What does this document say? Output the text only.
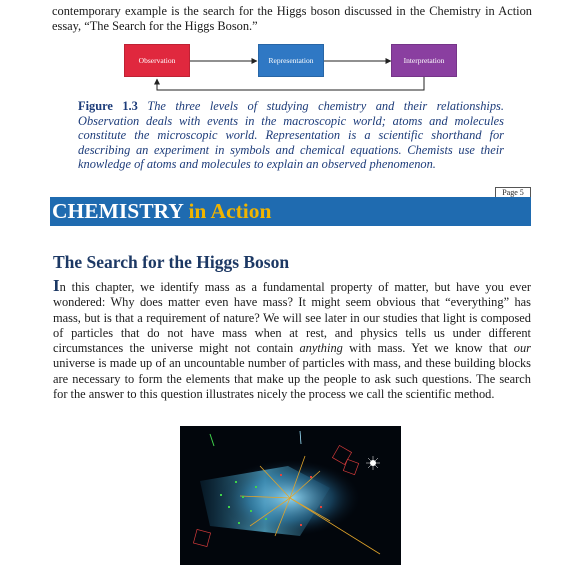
contemporary example is the search for the Higgs boson discussed in the Chemistry in Action essay, “The Search for the Higgs Boson.”
Observation	Representation	Interpretation
Figure 1.3 The three levels of studying chemistry and their relationships. Observation deals with events in the macroscopic world; atoms and molecules constitute the microscopic world. Representation is a scientific shorthand for describing an experiment in symbols and chemical equations. Chemists use their knowledge of atoms and molecules to explain an observed phenomenon.
Page 5
CHEMISTRY in Action
The Search for the Higgs Boson
In this chapter, we identify mass as a fundamental property of matter, but have you ever wondered: Why does matter even have mass? It might seem obvious that “everything” has mass, but is that a requirement of nature? We will see later in our studies that light is composed of particles that do not have mass when at rest, and physics tells us under different circumstances the universe might not contain anything with mass. Yet we know that our universe is made up of an uncountable number of particles with mass, and these building blocks are necessary to form the elements that make up the people to ask such questions. The search for the answer to this question illustrates nicely the process we call the scientific method.
